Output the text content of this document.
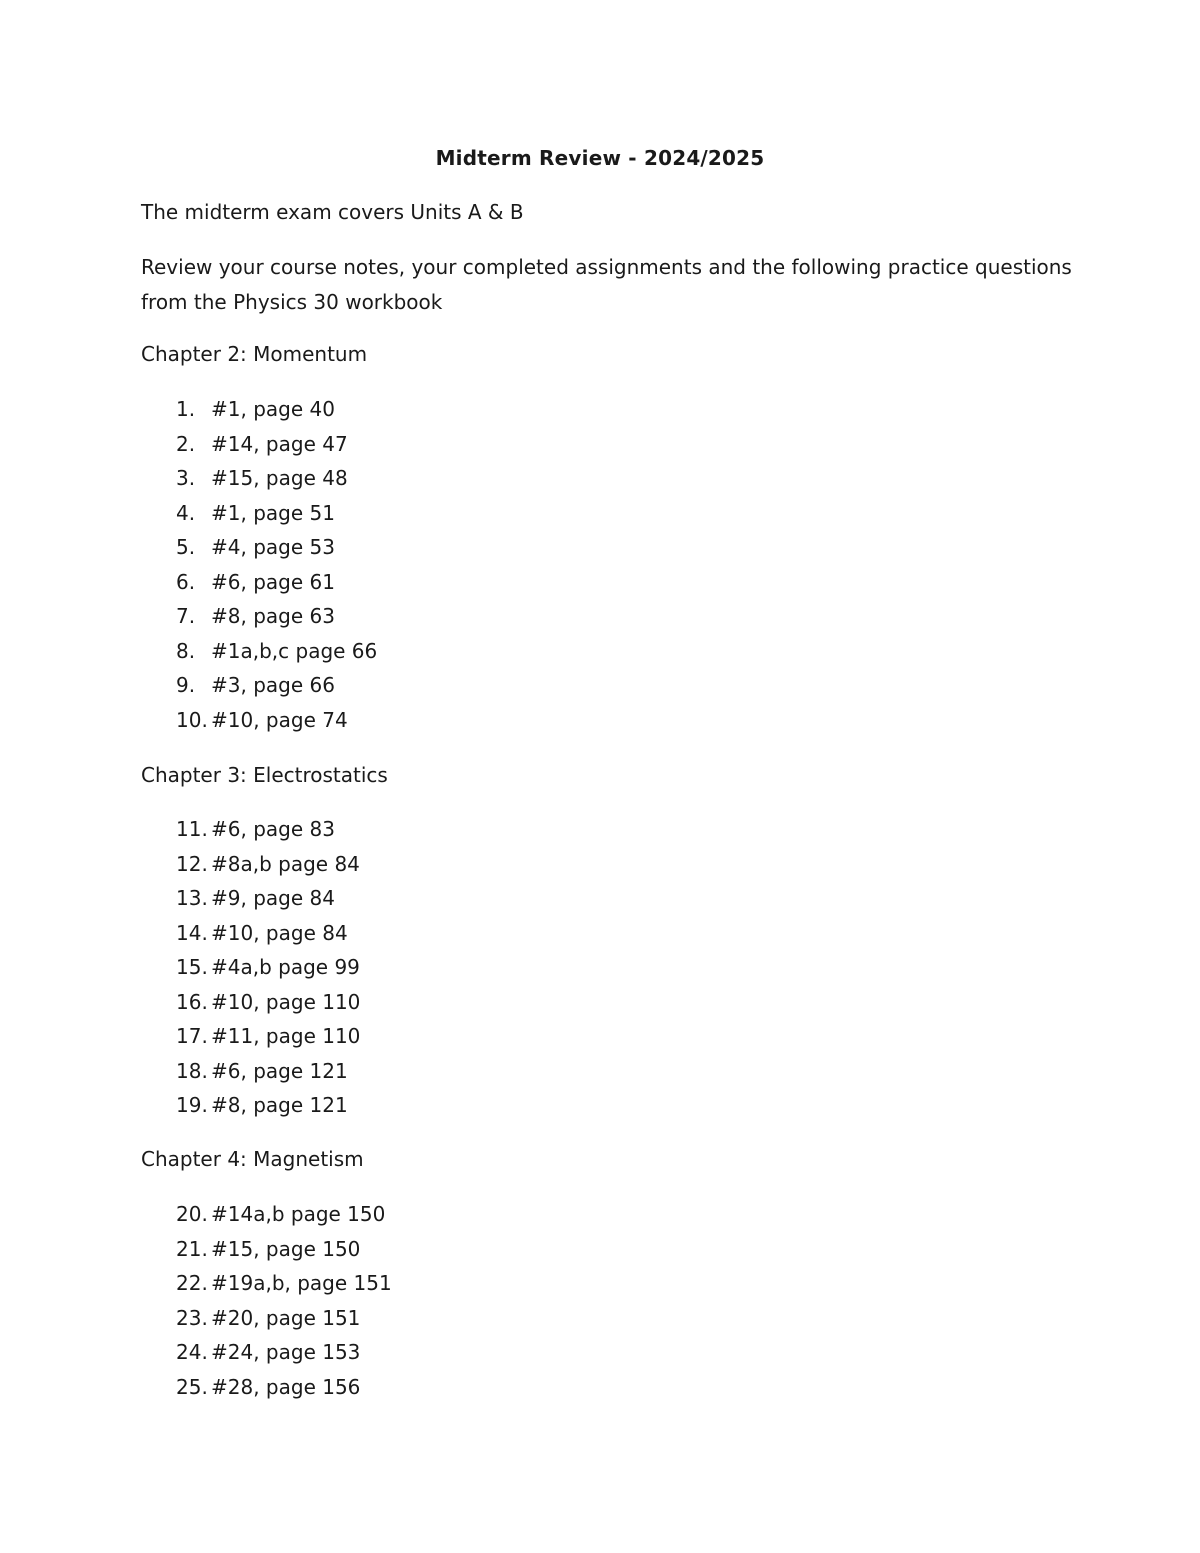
Midterm Review - 2024/2025

The midterm exam covers Units A & B

Review your course notes, your completed assignments and the following practice questions from the Physics 30 workbook

Chapter 2: Momentum

1. #1, page 40
2. #14, page 47
3. #15, page 48
4. #1, page 51
5. #4, page 53
6. #6, page 61
7. #8, page 63
8. #1a,b,c page 66
9. #3, page 66
10. #10, page 74

Chapter 3: Electrostatics

11. #6, page 83
12. #8a,b page 84
13. #9, page 84
14. #10, page 84
15. #4a,b page 99
16. #10, page 110
17. #11, page 110
18. #6, page 121
19. #8, page 121

Chapter 4: Magnetism

20. #14a,b page 150
21. #15, page 150
22. #19a,b, page 151
23. #20, page 151
24. #24, page 153
25. #28, page 156
